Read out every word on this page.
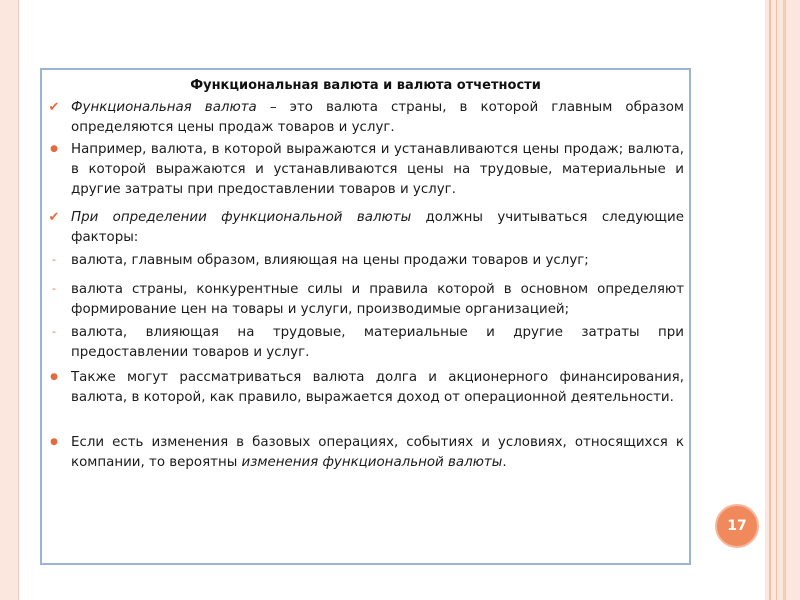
Функциональная валюта и валюта отчетности
✔ Функциональная валюта – это валюта страны, в которой главным образом определяются цены продаж товаров и услуг.
● Например, валюта, в которой выражаются и устанавливаются цены продаж; валюта, в которой выражаются и устанавливаются цены на трудовые, материальные и другие затраты при предоставлении товаров и услуг.
✔ При определении функциональной валюты должны учитываться следующие факторы:
-	валюта, главным образом, влияющая на цены продажи товаров и услуг;
-	валюта страны, конкурентные силы и правила которой в основном определяют формирование цен на товары и услуги, производимые организацией;
-	валюта, влияющая на трудовые, материальные и другие затраты при предоставлении товаров и услуг.
● Также могут рассматриваться валюта долга и акционерного финансирования, валюта, в которой, как правило, выражается доход от операционной деятельности.
● Если есть изменения в базовых операциях, событиях и условиях, относящихся к компании, то вероятны изменения функциональной валюты.
17
